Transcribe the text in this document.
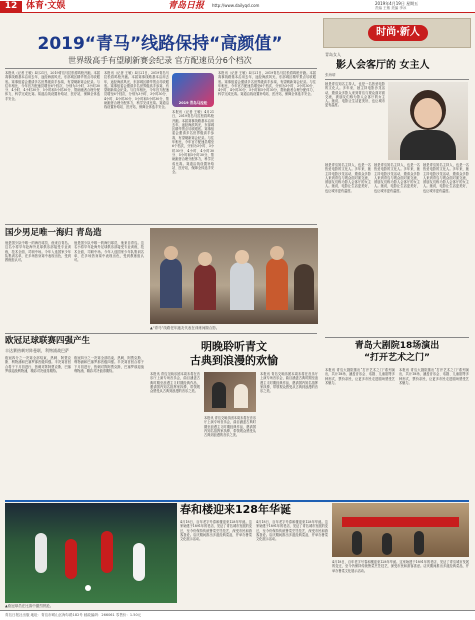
12 体育·文娱	青岛日报 http://www.dailyqd.com	2019年4月19日 星期五
责编 王敏 美编 李冰
2019“青马”线路保持“高颜值”
世界级高手有望刷新赛会纪录 官方配速员分6个档次
本报讯（记者 王敏）4月21日，2019青岛马拉松将鸣枪开跑。本届赛事线路基本沿用去年，途经海滨风光，东部城区精华景点尽收眼底。赛事组委会邀请多名世界级高手参赛，有望刷新赛会纪录。与往年相比，今年官方配速员增至6个档次，分别为3小时、3小时30分、4小时、4小时30分、5小时和5小时30分，帮助跑者合理分配体力，科学完成比赛。赛道沿线设置补给站、医疗站，保障全体选手安全。
本报讯（记者 王敏）4月21日，2019青岛马拉松将鸣枪开跑。本届赛事线路基本沿用去年，途经海滨风光，东部城区精华景点尽收眼底。赛事组委会邀请多名世界级高手参赛，有望刷新赛会纪录。与往年相比，今年官方配速员增至6个档次，分别为3小时、3小时30分、4小时、4小时30分、5小时和5小时30分，帮助跑者合理分配体力，科学完成比赛。赛道沿线设置补给站、医疗站，保障全体选手安全。
2019 青岛马拉松
本报讯（记者 王敏）4月21日，2019青岛马拉松将鸣枪开跑。本届赛事线路基本沿用去年，途经海滨风光，东部城区精华景点尽收眼底。赛事组委会邀请多名世界级高手参赛，有望刷新赛会纪录。与往年相比，今年官方配速员增至6个档次，分别为3小时、3小时30分、4小时、4小时30分、5小时和5小时30分，帮助跑者合理分配体力，科学完成比赛。赛道沿线设置补给站、医疗站，保障全体选手安全。
本报讯（记者 王敏）4月21日，2019青岛马拉松将鸣枪开跑。本届赛事线路基本沿用去年，途经海滨风光，东部城区精华景点尽收眼底。赛事组委会邀请多名世界级高手参赛，有望刷新赛会纪录。与往年相比，今年官方配速员增至6个档次，分别为3小时、3小时30分、4小时、4小时30分、5小时和5小时30分，帮助跑者合理分配体力，科学完成比赛。赛道沿线设置补给站、医疗站，保障全体选手安全。
时尚·新人
青岛女人
影人会客厅的 女主人
张海晴
她是青岛知名主持人，也是一名热爱电影的文化人。多年来，她主持电影沙龙活动，邀请众多影人来到青岛与观众面对面交流，被朋友们称为影人会客厅的女主人。她说，电影让生活更美好，也让城市更有温度。
她是青岛知名主持人，也是一名热爱电影的文化人。多年来，她主持电影沙龙活动，邀请众多影人来到青岛与观众面对面交流，被朋友们称为影人会客厅的女主人。她说，电影让生活更美好，也让城市更有温度。
她是青岛知名主持人，也是一名热爱电影的文化人。多年来，她主持电影沙龙活动，邀请众多影人来到青岛与观众面对面交流，被朋友们称为影人会客厅的女主人。她说，电影让生活更美好，也让城市更有温度。
她是青岛知名主持人，也是一名热爱电影的文化人。多年来，她主持电影沙龙活动，邀请众多影人来到青岛与观众面对面交流，被朋友们称为影人会客厅的女主人。她说，电影让生活更美好，也让城市更有温度。
青岛大剧院18场演出
“打开艺术之门”
本报讯 青岛大剧院推出“打开艺术之门”系列演出，共计18场，涵盖音乐会、话剧、儿童剧等多种形式，票价亲民，让更多市民走进剧场感受艺术魅力。
本报讯 青岛大剧院推出“打开艺术之门”系列演出，共计18场，涵盖音乐会、话剧、儿童剧等多种形式，票价亲民，让更多市民走进剧场感受艺术魅力。
国少男足唯一海归 青岛造
他是国少队中唯一的海归球员，他来自青岛。这名小将早年赴海外足球俱乐部接受专业训练，技术全面，司职中场。今年入选国家少年队集训名单，在多场热身赛中表现出色，受到教练组认可。
他是国少队中唯一的海归球员，他来自青岛。这名小将早年赴海外足球俱乐部接受专业训练，技术全面，司职中场。今年入选国家少年队集训名单，在多场热身赛中表现出色，受到教练组认可。
▲“青马”线路老年跑友代表在训练间隙合影。
欧冠足球联赛四强产生
丰达赛热刺对阵曼联，利物浦战巴萨
欧冠四分之一决赛全部结束，热刺、阿贾克斯、利物浦和巴塞罗那晋级四强。半决赛首回合将于下月初进行，热刺对阵阿贾克斯，巴塞罗那迎战利物浦，精彩对决值得期待。
欧冠四分之一决赛全部结束，热刺、阿贾克斯、利物浦和巴塞罗那晋级四强。半决赛首回合将于下月初进行，热刺对阵阿贾克斯，巴塞罗那迎战利物浦，精彩对决值得期待。
明晚聆听青文
古典到浪漫的欢愉
本报讯 青岛交响乐团本周末将在音乐厅上演专场音乐会，曲目涵盖古典时期至浪漫主义时期经典作品，邀请国内知名指挥家执棒，带领观众感受从古典到浪漫的音乐之美。
本报讯 青岛交响乐团本周末将在音乐厅上演专场音乐会，曲目涵盖古典时期至浪漫主义时期经典作品，邀请国内知名指挥家执棒，带领观众感受从古典到浪漫的音乐之美。
本报讯 青岛交响乐团本周末将在音乐厅上演专场音乐会，曲目涵盖古典时期至浪漫主义时期经典作品，邀请国内知名指挥家执棒，带领观众感受从古典到浪漫的音乐之美。
春和楼迎来128年华诞
▲欧冠球员在比赛中激烈拼抢。
4月18日，百年老字号春和楼迎来128年华诞。这家始建于1891年的老店，见证了青岛城市发展的变迁，至今仍保持传统鲁菜烹饪技艺，深受市民和游客喜爱。店庆期间推出多道经典菜品，并举办鲁菜文化展示活动。
4月18日，百年老字号春和楼迎来128年华诞。这家始建于1891年的老店，见证了青岛城市发展的变迁，至今仍保持传统鲁菜烹饪技艺，深受市民和游客喜爱。店庆期间推出多道经典菜品，并举办鲁菜文化展示活动。
4月18日，百年老字号春和楼迎来128年华诞。这家始建于1891年的老店，见证了青岛城市发展的变迁，至今仍保持传统鲁菜烹饪技艺，深受市民和游客喜爱。店庆期间推出多道经典菜品，并举办鲁菜文化展示活动。
青岛日报社出版 地址：青岛市崂山区海尔路182号 邮政编码：266061 零售价：1.50元
